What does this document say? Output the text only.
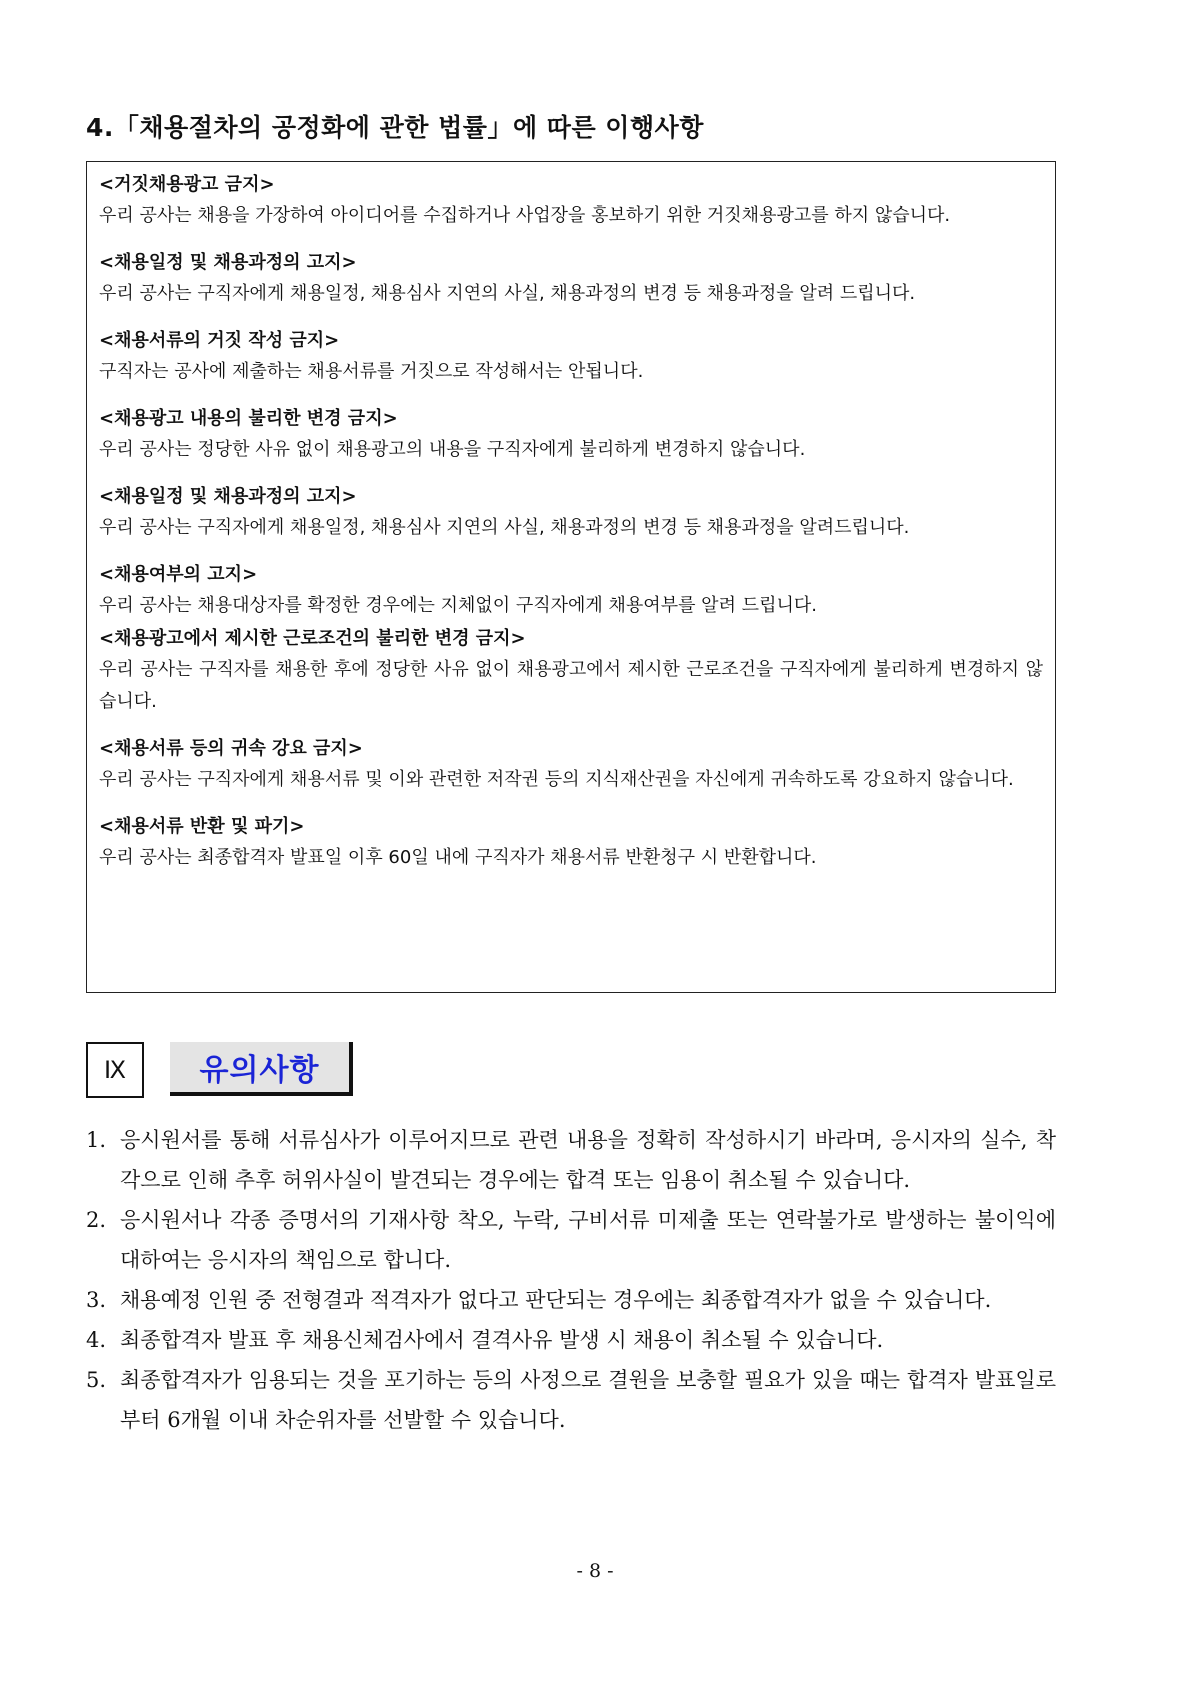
4.「채용절차의 공정화에 관한 법률」에 따른 이행사항
<거짓채용광고 금지>

우리 공사는 채용을 가장하여 아이디어를 수집하거나 사업장을 홍보하기 위한 거짓채용광고를 하지 않습니다.

<채용일정 및 채용과정의 고지>

우리 공사는 구직자에게 채용일정, 채용심사 지연의 사실, 채용과정의 변경 등 채용과정을 알려 드립니다.

<채용서류의 거짓 작성 금지>

구직자는 공사에 제출하는 채용서류를 거짓으로 작성해서는 안됩니다.

<채용광고 내용의 불리한 변경 금지>

우리 공사는 정당한 사유 없이 채용광고의 내용을 구직자에게 불리하게 변경하지 않습니다.

<채용일정 및 채용과정의 고지>

우리 공사는 구직자에게 채용일정, 채용심사 지연의 사실, 채용과정의 변경 등 채용과정을 알려드립니다.

<채용여부의 고지>

우리 공사는 채용대상자를 확정한 경우에는 지체없이 구직자에게 채용여부를 알려 드립니다.

<채용광고에서 제시한 근로조건의 불리한 변경 금지>

우리 공사는 구직자를 채용한 후에 정당한 사유 없이 채용광고에서 제시한 근로조건을 구직자에게 불리하게 변경하지 않습니다.

<채용서류 등의 귀속 강요 금지>

우리 공사는 구직자에게 채용서류 및 이와 관련한 저작권 등의 지식재산권을 자신에게 귀속하도록 강요하지 않습니다.

<채용서류 반환 및 파기>

우리 공사는 최종합격자 발표일 이후 60일 내에 구직자가 채용서류 반환청구 시 반환합니다.

Ⅸ	유의사항
1. 응시원서를 통해 서류심사가 이루어지므로 관련 내용을 정확히 작성하시기 바라며, 응시자의 실수, 착각으로 인해 추후 허위사실이 발견되는 경우에는 합격 또는 임용이 취소될 수 있습니다.
2. 응시원서나 각종 증명서의 기재사항 착오, 누락, 구비서류 미제출 또는 연락불가로 발생하는 불이익에 대하여는 응시자의 책임으로 합니다.
3. 채용예정 인원 중 전형결과 적격자가 없다고 판단되는 경우에는 최종합격자가 없을 수 있습니다.
4. 최종합격자 발표 후 채용신체검사에서 결격사유 발생 시 채용이 취소될 수 있습니다.
5. 최종합격자가 임용되는 것을 포기하는 등의 사정으로 결원을 보충할 필요가 있을 때는 합격자 발표일로부터 6개월 이내 차순위자를 선발할 수 있습니다.
- 8 -
